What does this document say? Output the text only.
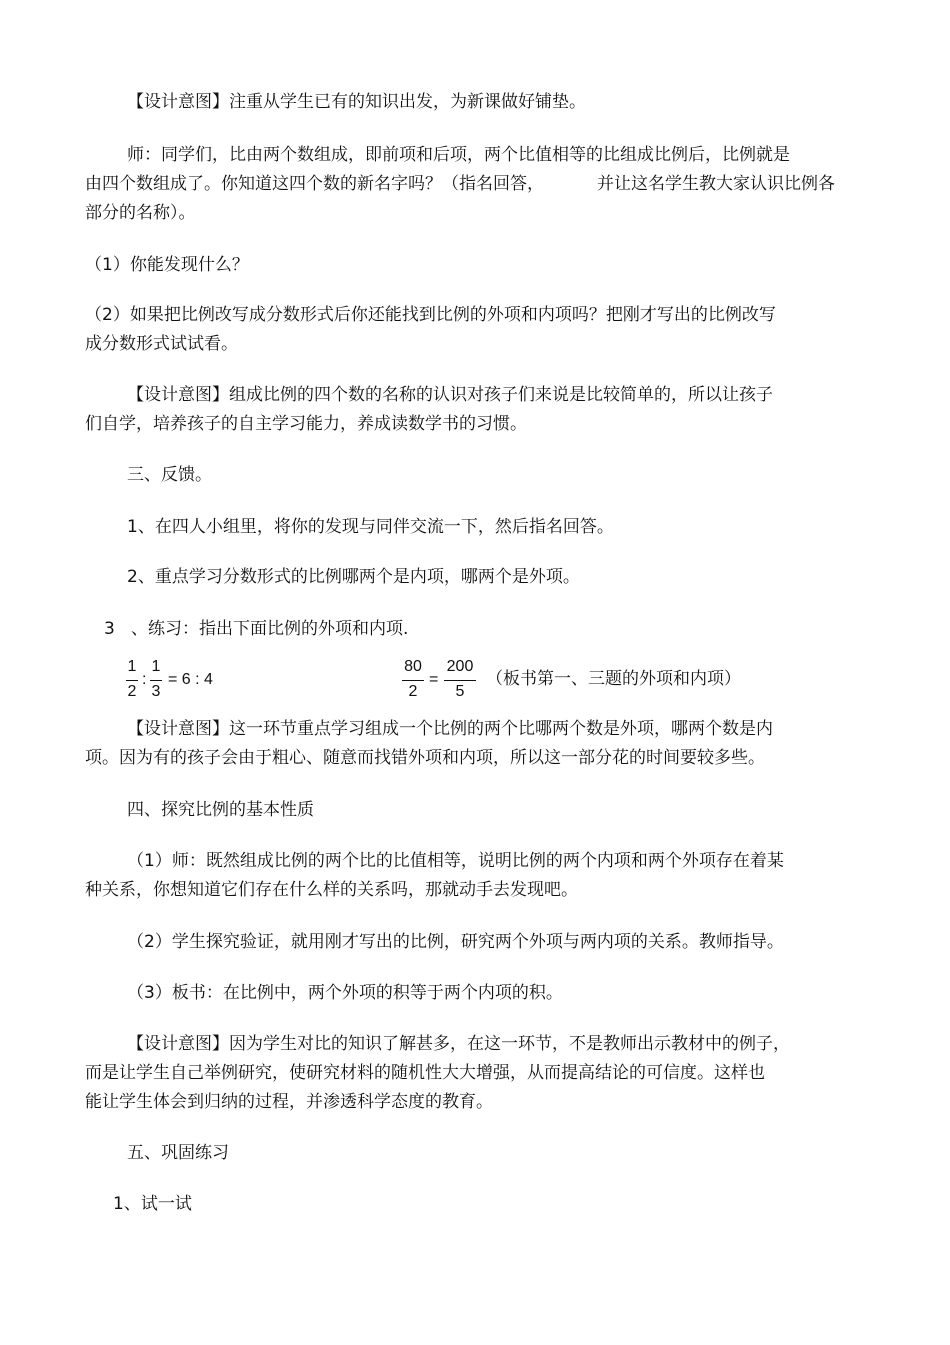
【设计意图】注重从学生已有的知识出发，为新课做好铺垫。
师：同学们，比由两个数组成，即前项和后项，两个比值相等的比组成比例后，比例就是
由四个数组成了。你知道这四个数的新名字吗？（指名回答，	并让这名学生教大家认识比例各
部分的名称）。
（1）你能发现什么？
（2）如果把比例改写成分数形式后你还能找到比例的外项和内项吗？把刚才写出的比例改写
成分数形式试试看。
【设计意图】组成比例的四个数的名称的认识对孩子们来说是比较简单的，所以让孩子
们自学，培养孩子的自主学习能力，养成读数学书的习惯。
三、反馈。
1、在四人小组里，将你的发现与同伴交流一下，然后指名回答。
2、重点学习分数形式的比例哪两个是内项，哪两个是外项。
3 、练习：指出下面比例的外项和内项.
1
2
:
1
3
= 6 : 4
80
2
=
200
5
（板书第一、三题的外项和内项）
【设计意图】这一环节重点学习组成一个比例的两个比哪两个数是外项，哪两个数是内
项。因为有的孩子会由于粗心、随意而找错外项和内项，所以这一部分花的时间要较多些。
四、探究比例的基本性质
（1）师：既然组成比例的两个比的比值相等，说明比例的两个内项和两个外项存在着某
种关系，你想知道它们存在什么样的关系吗，那就动手去发现吧。
（2）学生探究验证，就用刚才写出的比例，研究两个外项与两内项的关系。教师指导。
（3）板书：在比例中，两个外项的积等于两个内项的积。
【设计意图】因为学生对比的知识了解甚多，在这一环节，不是教师出示教材中的例子，
而是让学生自己举例研究，使研究材料的随机性大大增强，从而提高结论的可信度。这样也
能让学生体会到归纳的过程，并渗透科学态度的教育。
五、巩固练习
1、试一试
